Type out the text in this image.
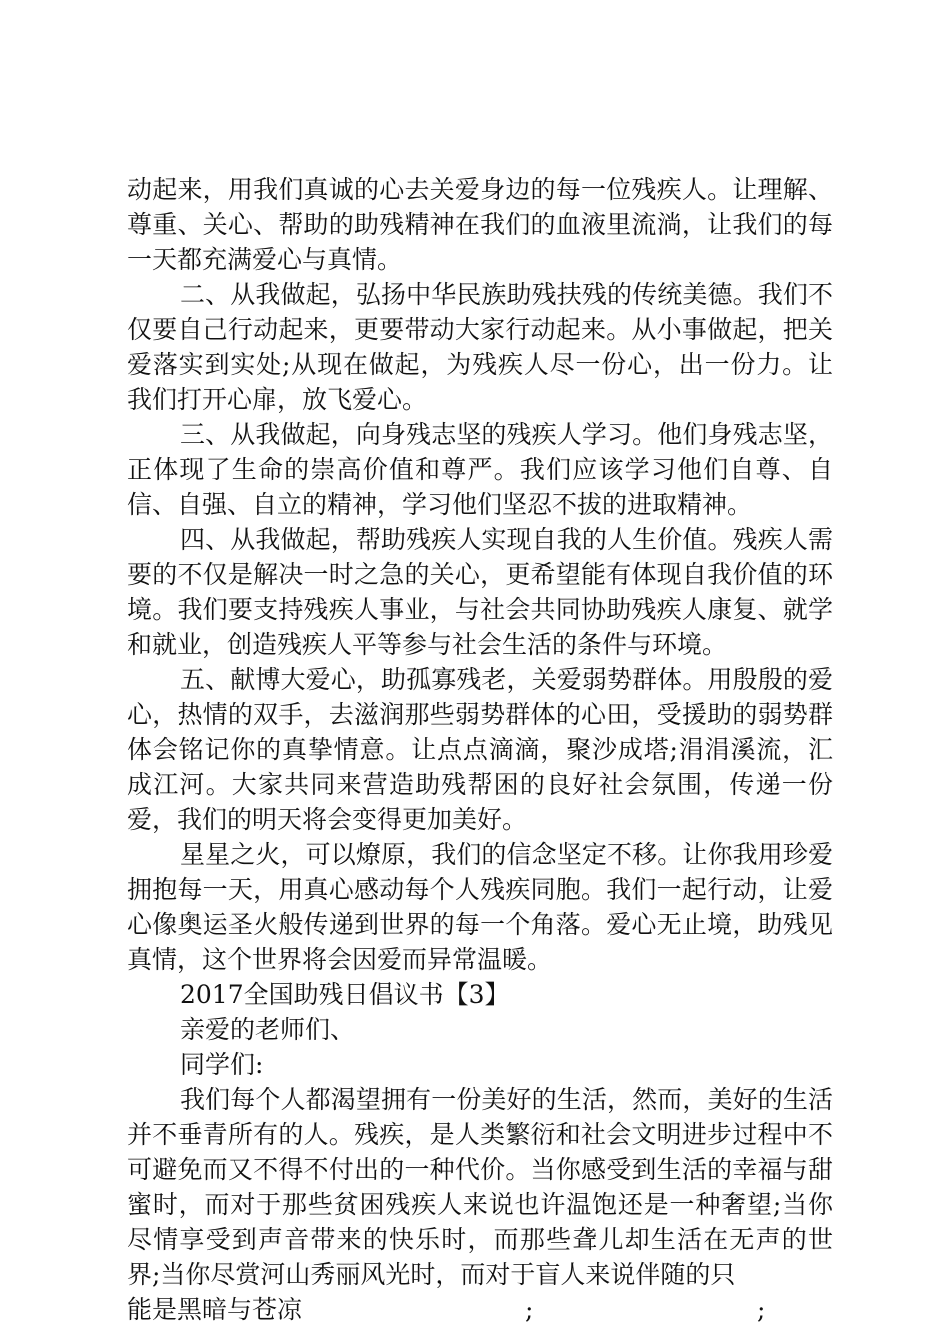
动起来，用我们真诚的心去关爱身边的每一位残疾人。让理解、尊重、关心、帮助的助残精神在我们的血液里流淌，让我们的每一天都充满爱心与真情。

二、从我做起，弘扬中华民族助残扶残的传统美德。我们不仅要自己行动起来，更要带动大家行动起来。从小事做起，把关爱落实到实处;从现在做起，为残疾人尽一份心，出一份力。让我们打开心扉，放飞爱心。

三、从我做起，向身残志坚的残疾人学习。他们身残志坚，正体现了生命的崇高价值和尊严。我们应该学习他们自尊、自信、自强、自立的精神，学习他们坚忍不拔的进取精神。

四、从我做起，帮助残疾人实现自我的人生价值。残疾人需要的不仅是解决一时之急的关心，更希望能有体现自我价值的环境。我们要支持残疾人事业，与社会共同协助残疾人康复、就学和就业，创造残疾人平等参与社会生活的条件与环境。

五、献博大爱心，助孤寡残老，关爱弱势群体。用殷殷的爱心，热情的双手，去滋润那些弱势群体的心田，受援助的弱势群体会铭记你的真挚情意。让点点滴滴，聚沙成塔;涓涓溪流，汇成江河。大家共同来营造助残帮困的良好社会氛围，传递一份爱，我们的明天将会变得更加美好。

星星之火，可以燎原，我们的信念坚定不移。让你我用珍爱拥抱每一天，用真心感动每个人残疾同胞。我们一起行动，让爱心像奥运圣火般传递到世界的每一个角落。爱心无止境，助残见真情，这个世界将会因爱而异常温暖。

2017全国助残日倡议书【3】

亲爱的老师们、

同学们:

我们每个人都渴望拥有一份美好的生活，然而，美好的生活并不垂青所有的人。残疾，是人类繁衍和社会文明进步过程中不可避免而又不得不付出的一种代价。当你感受到生活的幸福与甜蜜时，而对于那些贫困残疾人来说也许温饱还是一种奢望;当你尽情享受到声音带来的快乐时，而那些聋儿却生活在无声的世界;当你尽赏河山秀丽风光时，而对于盲人来说伴随的只

能是黑暗与苍凉	;	;
